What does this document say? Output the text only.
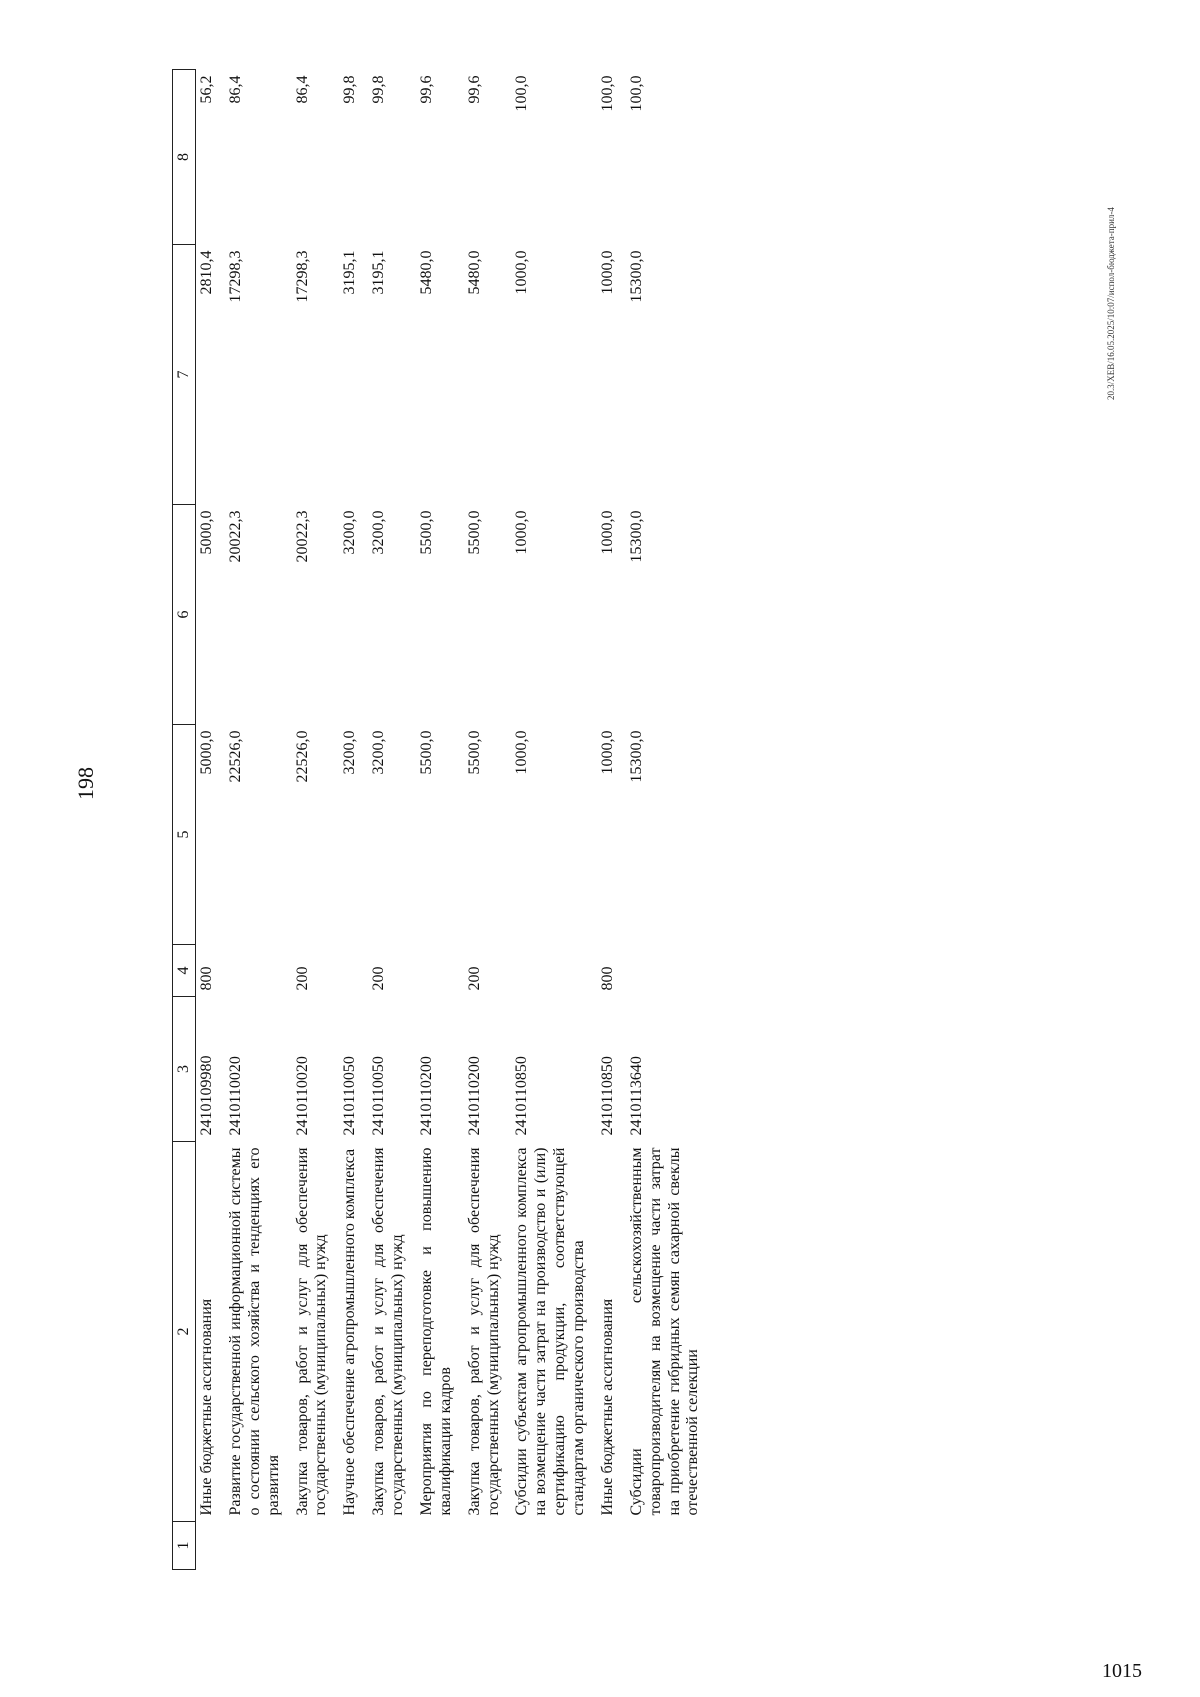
198
1	2	3	4	5	6	7	8
	Иные бюджетные ассигнования	2410109980	800	5000,0	5000,0	2810,4	56,2
	Развитие государственной информационной системы о состоянии сельского хозяйства и тенденциях его развития	2410110020		22526,0	20022,3	17298,3	86,4
	Закупка товаров, работ и услуг для обеспечения государственных (муниципальных) нужд	2410110020	200	22526,0	20022,3	17298,3	86,4
	Научное обеспечение агропромышленного комплекса	2410110050		3200,0	3200,0	3195,1	99,8
	Закупка товаров, работ и услуг для обеспечения государственных (муниципальных) нужд	2410110050	200	3200,0	3200,0	3195,1	99,8
	Мероприятия по переподготовке и повышению квалификации кадров	2410110200		5500,0	5500,0	5480,0	99,6
	Закупка товаров, работ и услуг для обеспечения государственных (муниципальных) нужд	2410110200	200	5500,0	5500,0	5480,0	99,6
	Субсидии субъектам агропромышленного комплекса на возмещение части затрат на производство и (или) сертификацию продукции, соответствующей стандартам органического производства	2410110850		1000,0	1000,0	1000,0	100,0
	Иные бюджетные ассигнования	2410110850	800	1000,0	1000,0	1000,0	100,0
	Субсидии сельскохозяйственным товаропроизводителям на возмещение части затрат на приобретение гибридных семян сахарной свеклы отечественной селекции	2410113640		15300,0	15300,0	15300,0	100,0
20.3/XEB/16.05.2025/10:07/испол-бюджета-прил-4
1015
